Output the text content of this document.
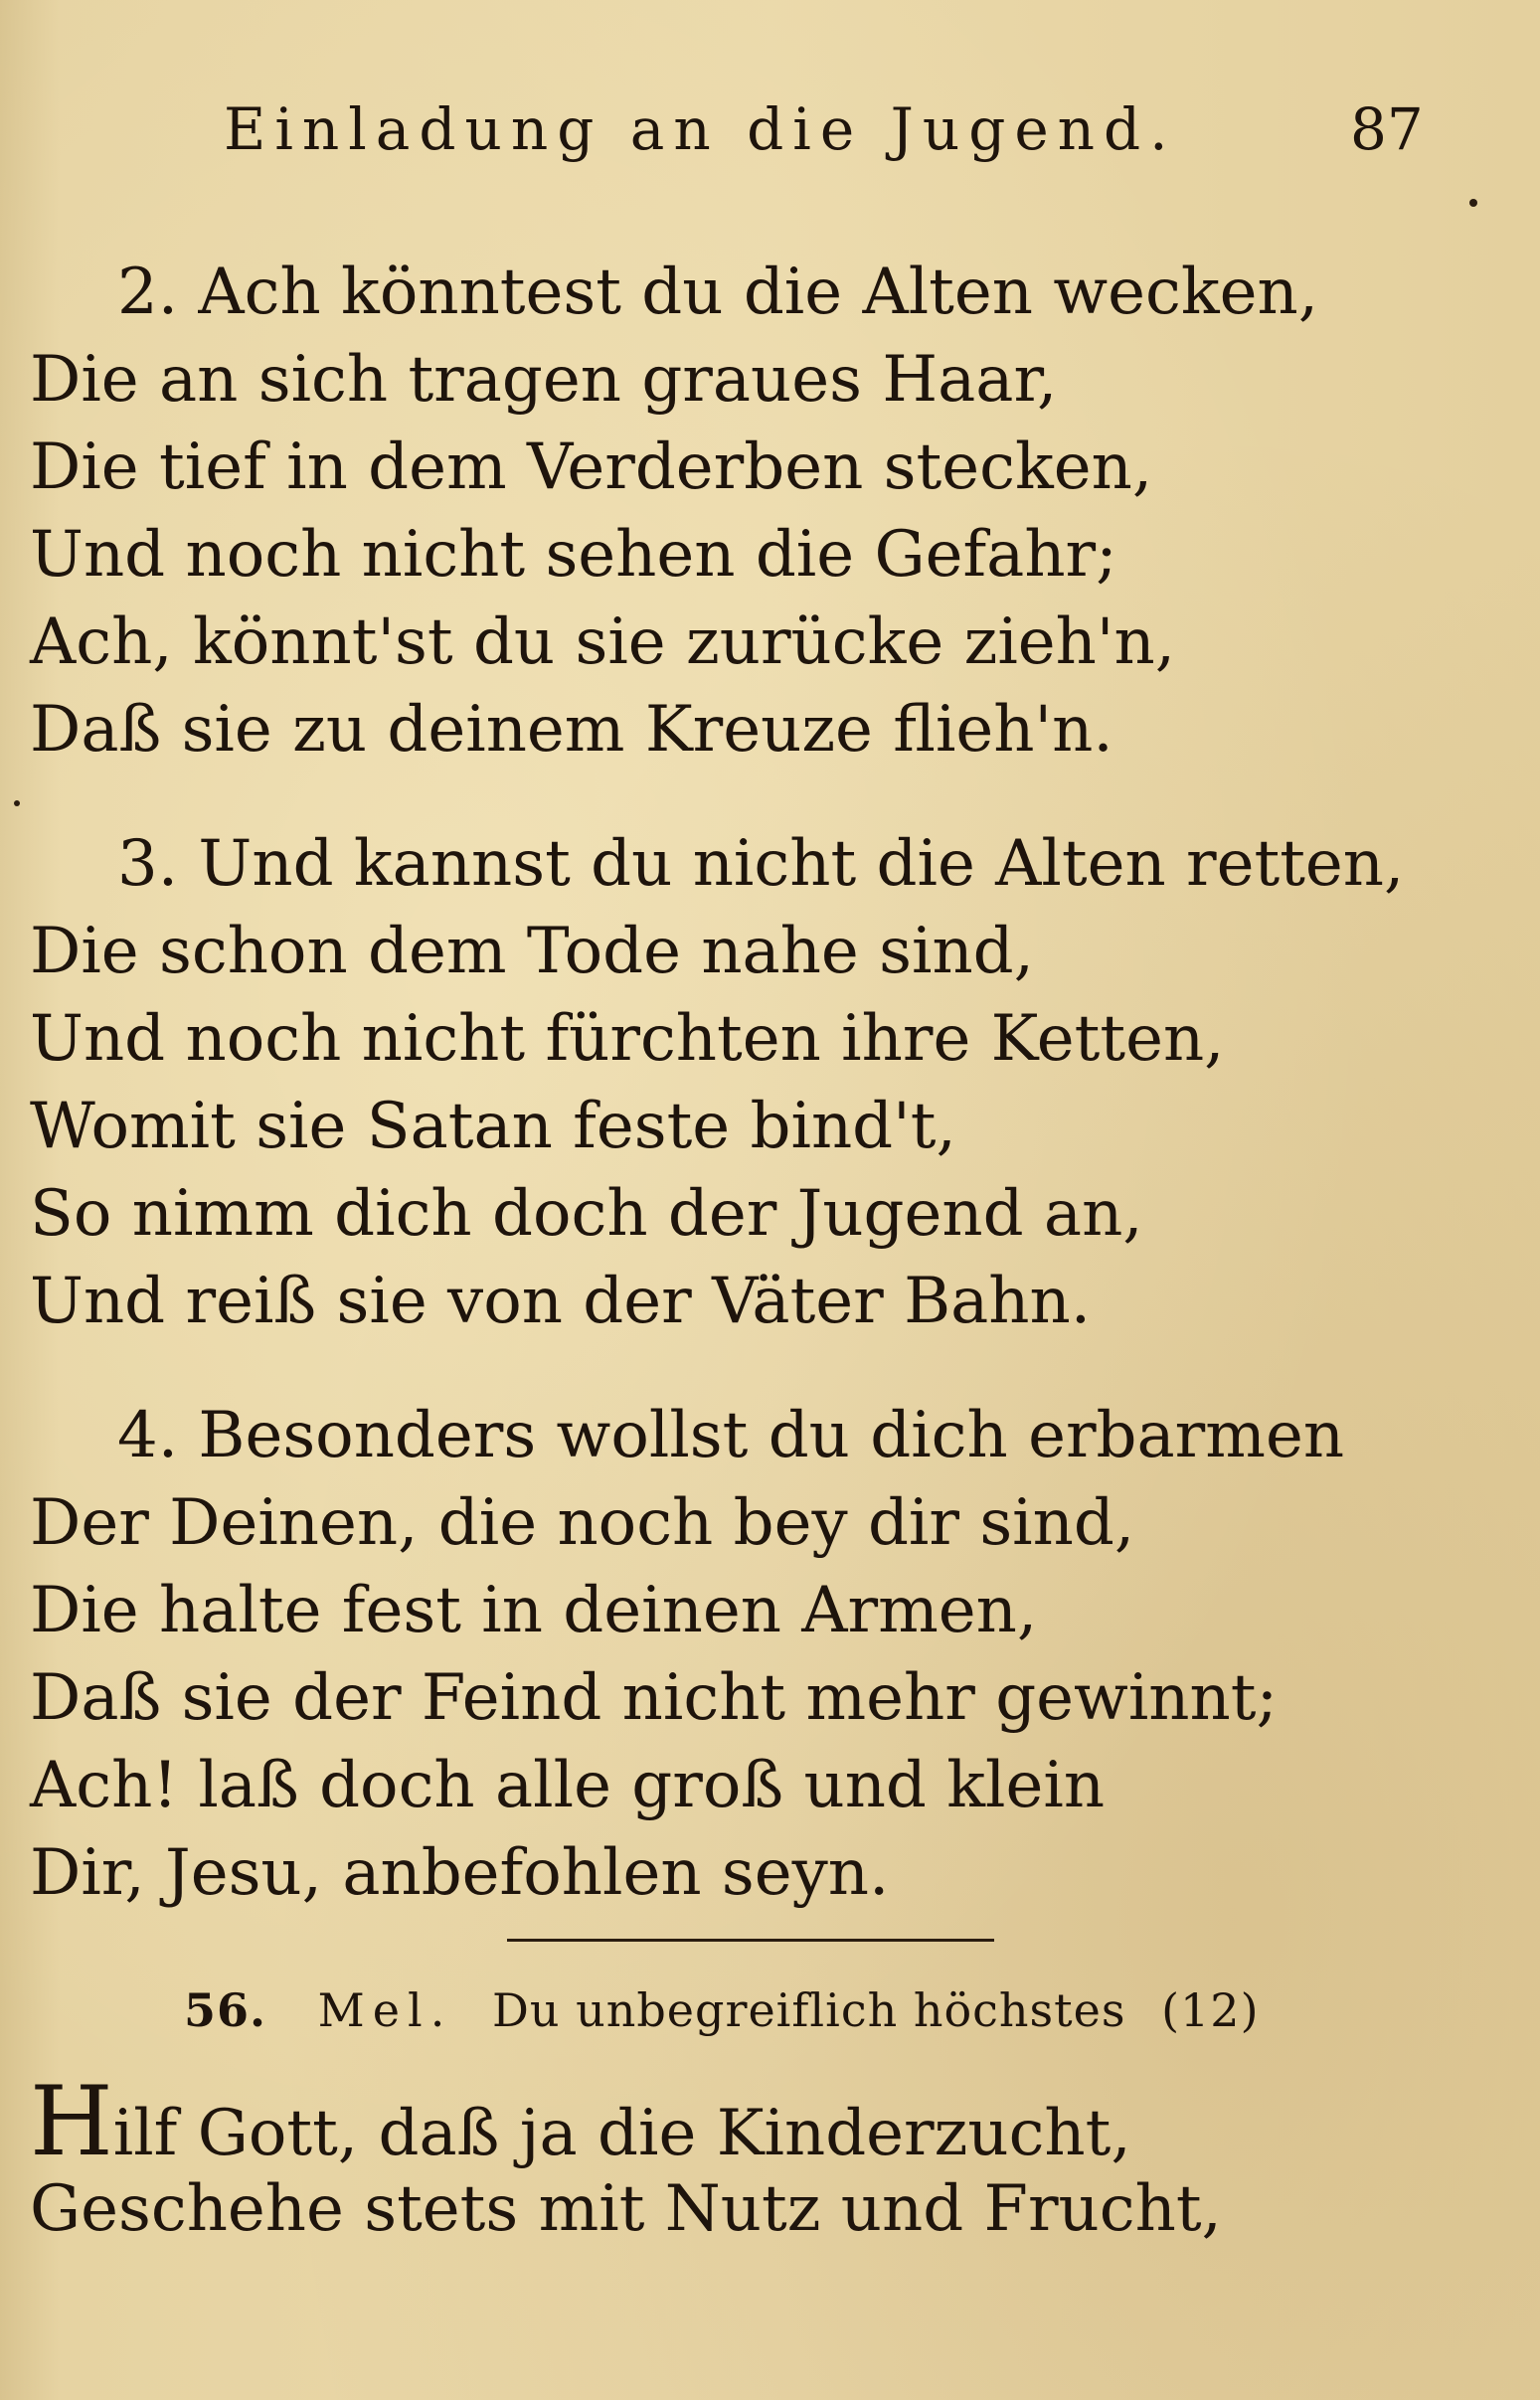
Einladung an die Jugend.	87
2. Ach könntest du die Alten wecken,
Die an sich tragen graues Haar,
Die tief in dem Verderben stecken,
Und noch nicht sehen die Gefahr;
Ach, könnt'st du sie zurücke zieh'n,
Daß sie zu deinem Kreuze flieh'n.
3. Und kannst du nicht die Alten retten,
Die schon dem Tode nahe sind,
Und noch nicht fürchten ihre Ketten,
Womit sie Satan feste bind't,
So nimm dich doch der Jugend an,
Und reiß sie von der Väter Bahn.
4. Besonders wollst du dich erbarmen
Der Deinen, die noch bey dir sind,
Die halte fest in deinen Armen,
Daß sie der Feind nicht mehr gewinnt;
Ach! laß doch alle groß und klein
Dir, Jesu, anbefohlen seyn.
56. Mel. Du unbegreiflich höchstes (12)
Hilf Gott, daß ja die Kinderzucht,
Geschehe stets mit Nutz und Frucht,
